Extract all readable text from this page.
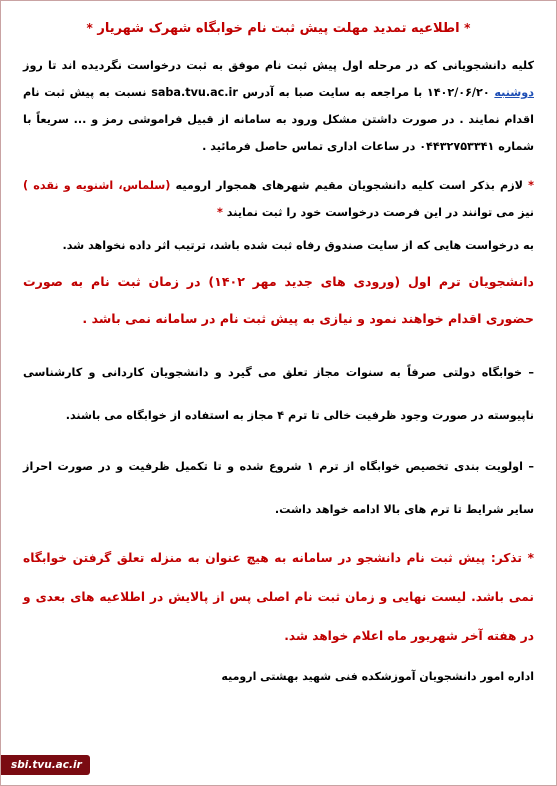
* اطلاعیه تمدید مهلت پیش ثبت نام خوابگاه شهرک شهریار *

کلیه دانشجویانی که در مرحله اول پیش ثبت نام موفق به ثبت درخواست نگردیده اند تا روز دوشنبه ۱۴۰۲/۰۶/۲۰ با مراجعه به سایت صبا به آدرس saba.tvu.ac.ir نسبت به پیش ثبت نام اقدام نمایند . در صورت داشتن مشکل ورود به سامانه از قبیل فراموشی رمز و ... سریعاً با شماره ۰۴۴۳۲۷۵۳۳۴۱ در ساعات اداری تماس حاصل فرمائید .

* لازم بذکر است کلیه دانشجویان مقیم شهرهای همجوار ارومیه (سلماس، اشنویه و نقده ) نیز می توانند در این فرصت درخواست خود را ثبت نمایند *

به درخواست هایی که از سایت صندوق رفاه ثبت شده باشد، ترتیب اثر داده نخواهد شد.

دانشجویان ترم اول (ورودی های جدید مهر ۱۴۰۲) در زمان ثبت نام به صورت حضوری اقدام خواهند نمود و نیازی به پیش ثبت نام در سامانه نمی باشد .

– خوابگاه دولتی صرفاً به سنوات مجاز تعلق می گیرد و دانشجویان کاردانی و کارشناسی ناپیوسته در صورت وجود ظرفیت خالی تا ترم ۴ مجاز به استفاده از خوابگاه می باشند.

– اولویت بندی تخصیص خوابگاه از ترم ۱ شروع شده و تا تکمیل ظرفیت و در صورت احراز سایر شرایط تا ترم های بالا ادامه خواهد داشت.

* تذکر: پیش ثبت نام دانشجو در سامانه به هیچ عنوان به منزله تعلق گرفتن خوابگاه نمی باشد. لیست نهایی و زمان ثبت نام اصلی پس از پالایش در اطلاعیه های بعدی و در هفته آخر شهریور ماه اعلام خواهد شد.

اداره امور دانشجویان آموزشکده فنی شهید بهشتی ارومیه

sbi.tvu.ac.ir
